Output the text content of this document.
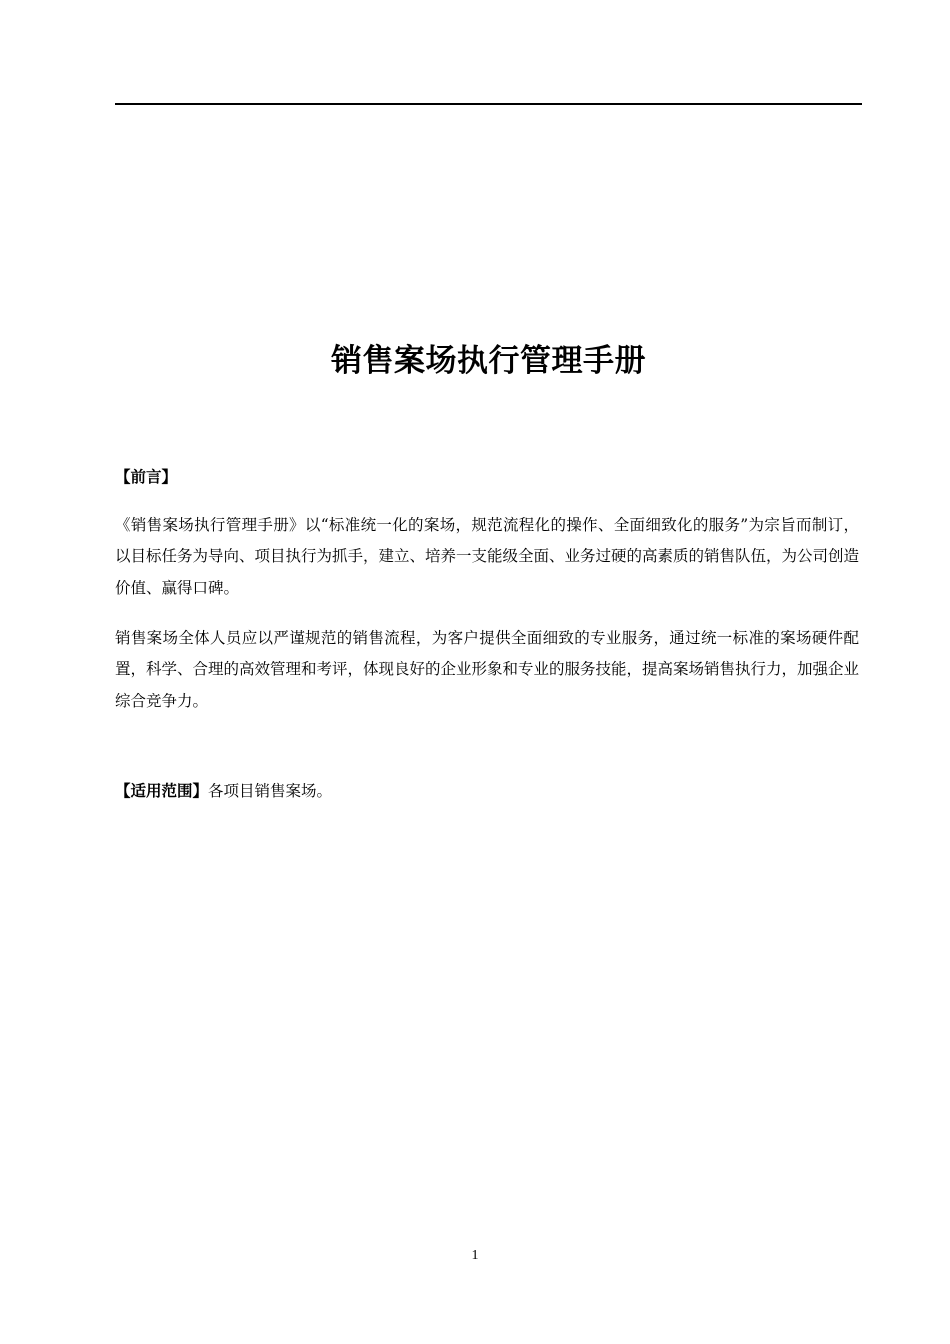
销售案场执行管理手册
【前言】

《销售案场执行管理手册》以“标准统一化的案场，规范流程化的操作、全面细致化的服务”为宗旨而制订，以目标任务为导向、项目执行为抓手，建立、培养一支能级全面、业务过硬的高素质的销售队伍，为公司创造价值、赢得口碑。

销售案场全体人员应以严谨规范的销售流程，为客户提供全面细致的专业服务，通过统一标准的案场硬件配置，科学、合理的高效管理和考评，体现良好的企业形象和专业的服务技能，提高案场销售执行力，加强企业综合竞争力。

【适用范围】各项目销售案场。
1
